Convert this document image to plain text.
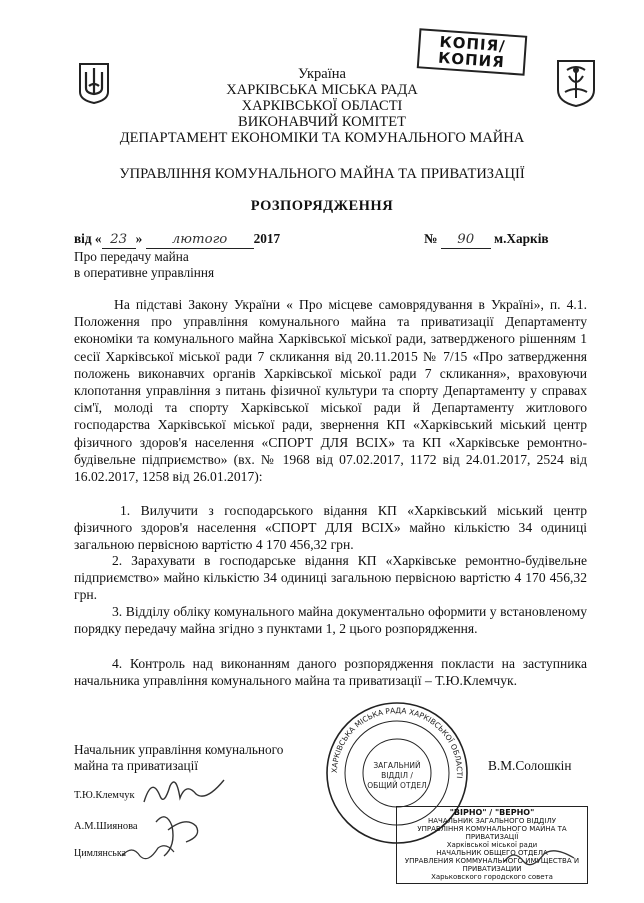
КОПІЯ/
КОПИЯ
Україна
ХАРКІВСЬКА МІСЬКА РАДА
ХАРКІВСЬКОЇ ОБЛАСТІ
ВИКОНАВЧИЙ КОМІТЕТ
ДЕПАРТАМЕНТ ЕКОНОМІКИ ТА КОМУНАЛЬНОГО МАЙНА
УПРАВЛІННЯ КОМУНАЛЬНОГО МАЙНА ТА ПРИВАТИЗАЦІЇ
РОЗПОРЯДЖЕННЯ
від « 23 » лютого 2017	№ 90 м.Харків
Про передачу майна
в оперативне управління
На підставі Закону України « Про місцеве самоврядування в Україні», п. 4.1. Положення про управління комунального майна та приватизації Департаменту економіки та комунального майна Харківської міської ради, затвердженого рішенням 1 сесії Харківської міської ради 7 скликання від 20.11.2015 № 7/15 «Про затвердження положень виконавчих органів Харківської міської ради 7 скликання», враховуючи клопотання управління з питань фізичної культури та спорту Департаменту у справах сім'ї, молоді та спорту Харківської міської ради й Департаменту житлового господарства Харківської міської ради, звернення КП «Харківський міський центр фізичного здоров'я населення «СПОРТ ДЛЯ ВСІХ» та КП «Харківське ремонтно-будівельне підприємство» (вх. № 1968 від 07.02.2017, 1172 від 24.01.2017, 2524 від 16.02.2017, 1258 від 26.01.2017):
1. Вилучити з господарського відання КП «Харківський міський центр фізичного здоров'я населення «СПОРТ ДЛЯ ВСІХ» майно кількістю 34 одиниці загальною первісною вартістю 4 170 456,32 грн.
2. Зарахувати в господарське відання КП «Харківське ремонтно-будівельне підприємство» майно кількістю 34 одиниці загальною первісною вартістю 4 170 456,32 грн.
3. Відділу обліку комунального майна документально оформити у встановленому порядку передачу майна згідно з пунктами 1, 2 цього розпорядження.
4. Контроль над виконанням даного розпорядження покласти на заступника начальника управління комунального майна та приватизації – Т.Ю.Клемчук.
Начальник управління комунального
майна та приватизації	В.М.Солошкін
Т.Ю.Клемчук
А.М.Шиянова
Цимлянська
ХАРКІВСЬКА МІСЬКА РАДА ХАРКІВСЬКОЇ ОБЛАСТІ
ЗАГАЛЬНИЙ
ВІДДІЛ /
ОБЩИЙ ОТДЕЛ
"ВІРНО" / "ВЕРНО"
НАЧАЛЬНИК ЗАГАЛЬНОГО ВІДДІЛУ
УПРАВЛІННЯ КОМУНАЛЬНОГО МАЙНА ТА ПРИВАТИЗАЦІЇ
Харківської міської ради
НАЧАЛЬНИК ОБЩЕГО ОТДЕЛА
УПРАВЛЕНИЯ КОММУНАЛЬНОГО ИМУЩЕСТВА И ПРИВАТИЗАЦИИ
Харьковского городского совета
